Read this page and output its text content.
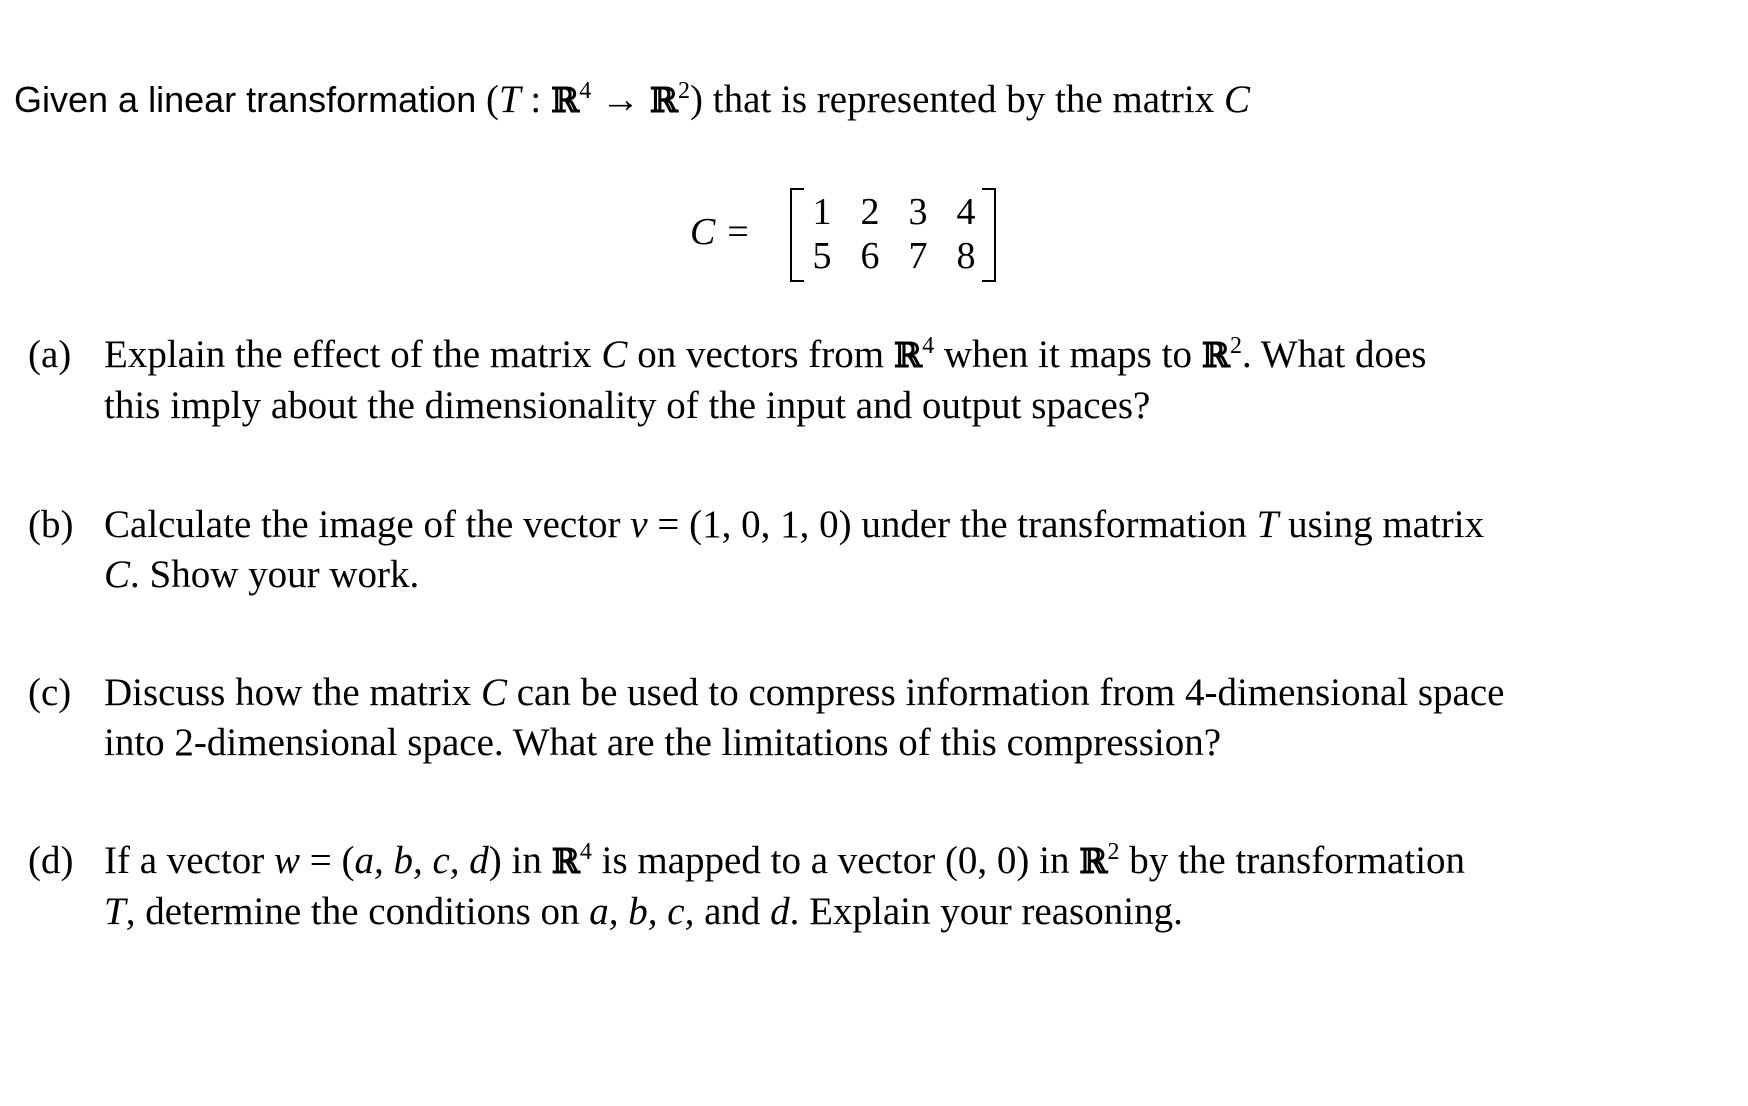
Given a linear transformation (T : ℝ$^4$ → ℝ$^2$) that is represented by the matrix C
C = 1 2 3 4
5 6 7 8
(a) Explain the effect of the matrix C on vectors from ℝ$^4$ when it maps to ℝ$^2$. What does
this imply about the dimensionality of the input and output spaces?
(b) Calculate the image of the vector v = (1, 0, 1, 0) under the transformation T using matrix
C. Show your work.
(c) Discuss how the matrix C can be used to compress information from 4-dimensional space
into 2-dimensional space. What are the limitations of this compression?
(d) If a vector w = (a, b, c, d) in ℝ$^4$ is mapped to a vector (0, 0) in ℝ$^2$ by the transformation
T, determine the conditions on a, b, c, and d. Explain your reasoning.
